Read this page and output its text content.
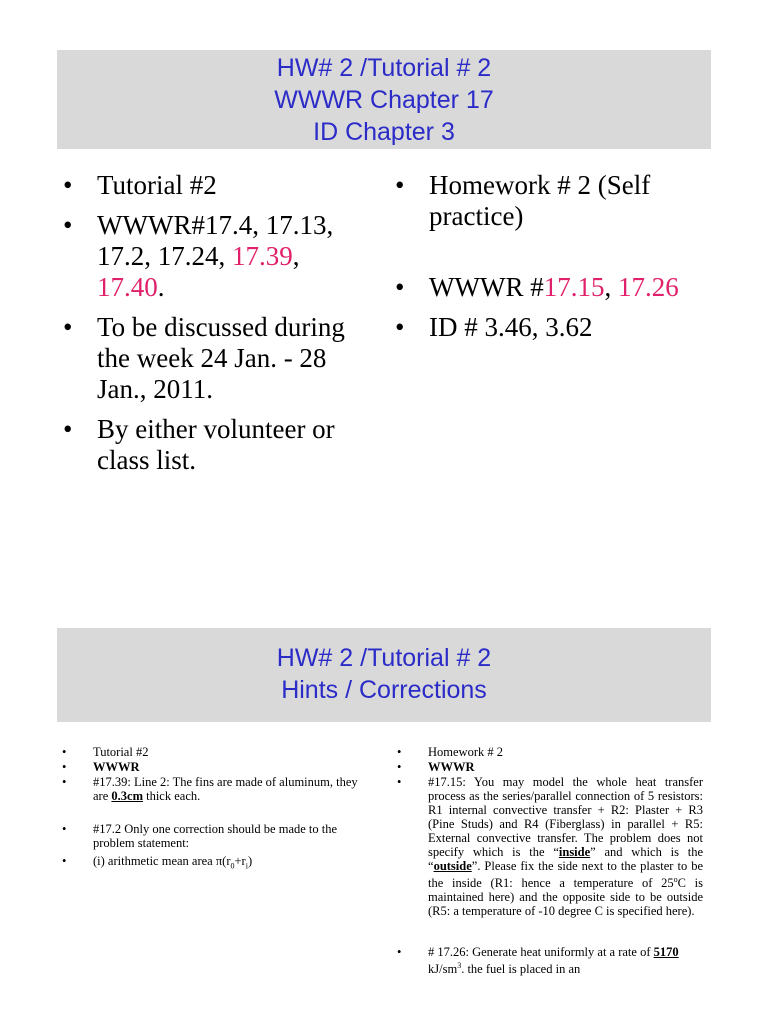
HW# 2 /Tutorial # 2
WWWR Chapter 17
ID Chapter 3
• Tutorial #2
• WWWR#17.4, 17.13, 17.2, 17.24, 17.39, 17.40.
• To be discussed during the week 24 Jan. - 28 Jan., 2011.
• By either volunteer or class list.
• Homework # 2 (Self practice)
• WWWR #17.15, 17.26
• ID # 3.46, 3.62
HW# 2 /Tutorial # 2
Hints / Corrections
• Tutorial #2
• WWWR
• #17.39: Line 2: The fins are made of aluminum, they are 0.3cm thick each.
• #17.2 Only one correction should be made to the problem statement:
• (i) arithmetic mean area $\pi(r_0+r_i)$
• Homework # 2
• WWWR
• #17.15: You may model the whole heat transfer process as the series/parallel connection of 5 resistors: R1 internal convective transfer + R2: Plaster + R3 (Pine Studs) and R4 (Fiberglass) in parallel + R5: External convective transfer. The problem does not specify which is the “inside” and which is the “outside”. Please fix the side next to the plaster to be the inside (R1: hence a temperature of 25$^o$C is maintained here) and the opposite side to be outside (R5: a temperature of -10 degree C is specified here).
• # 17.26: Generate heat uniformly at a rate of 5170 $kJ/sm^3$. the fuel is placed in an
